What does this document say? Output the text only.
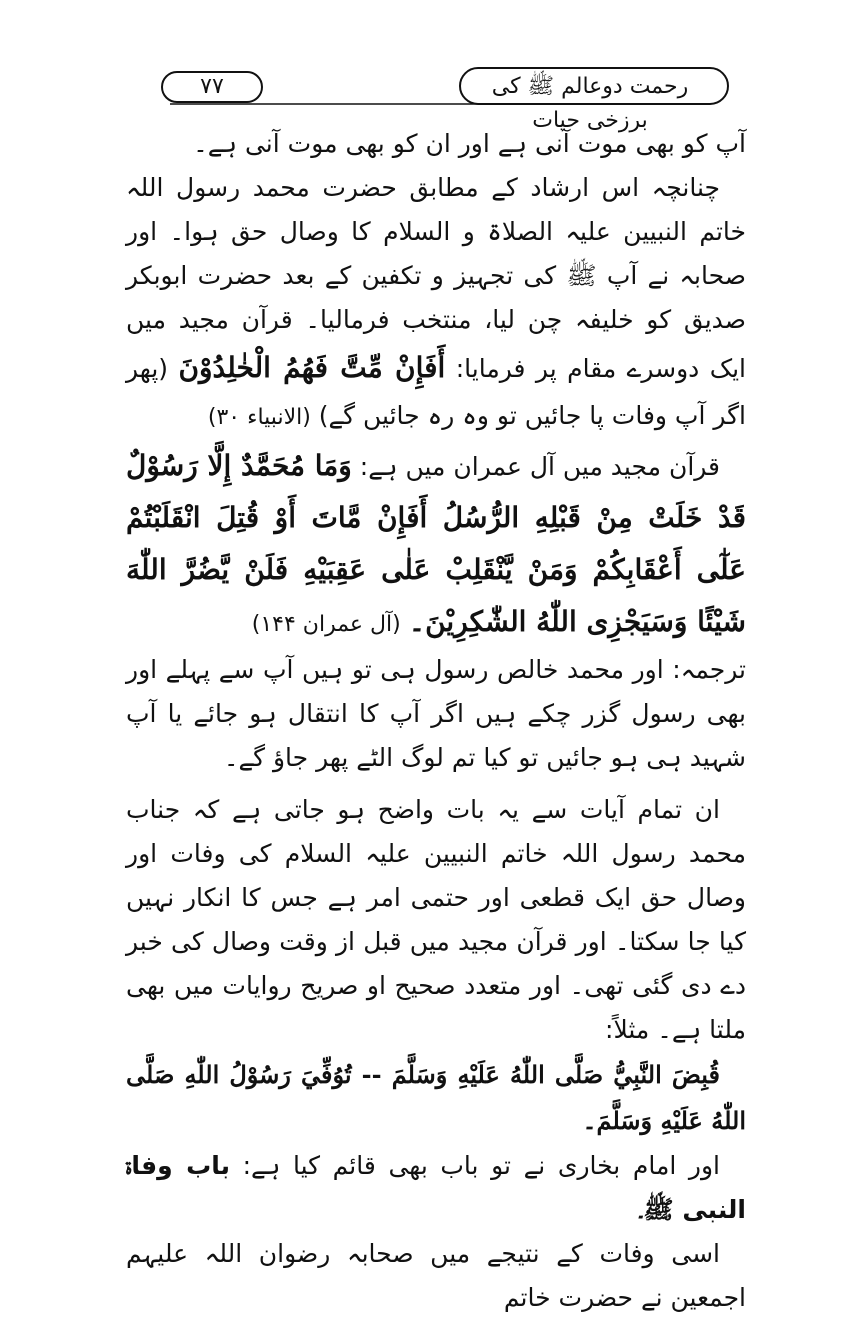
۷۷	رحمت دوعالم ﷺ کی برزخی حیات

آپ کو بھی موت آنی ہے اور ان کو بھی موت آنی ہے۔

چنانچہ اس ارشاد کے مطابق حضرت محمد رسول اللہ خاتم النبیین علیہ الصلاۃ و السلام کا وصال حق ہوا۔ اور صحابہ نے آپ ﷺ کی تجہیز و تکفین کے بعد حضرت ابوبکر صدیق کو خلیفہ چن لیا، منتخب فرمالیا۔ قرآن مجید میں ایک دوسرے مقام پر فرمایا: أَفَإِنْ مِّتَّ فَهُمُ الْخٰلِدُوْنَ (پھر اگر آپ وفات پا جائیں تو وہ رہ جائیں گے) (الانبیاء ۳۰)

قرآن مجید میں آل عمران میں ہے: وَمَا مُحَمَّدٌ إِلَّا رَسُوْلٌ قَدْ خَلَتْ مِنْ قَبْلِهِ الرُّسُلُ أَفَإِنْ مَّاتَ أَوْ قُتِلَ انْقَلَبْتُمْ عَلٰٓى أَعْقَابِكُمْ وَمَنْ يَّنْقَلِبْ عَلٰى عَقِبَيْهِ فَلَنْ يَّضُرَّ اللّٰهَ شَيْئًا وَسَيَجْزِى اللّٰهُ الشّٰكِرِيْنَ۔ (آل عمران ۱۴۴)

ترجمہ: اور محمد خالص رسول ہی تو ہیں آپ سے پہلے اور بھی رسول گزر چکے ہیں اگر آپ کا انتقال ہو جائے یا آپ شہید ہی ہو جائیں تو کیا تم لوگ الٹے پھر جاؤ گے۔

ان تمام آیات سے یہ بات واضح ہو جاتی ہے کہ جناب محمد رسول اللہ خاتم النبیین علیہ السلام کی وفات اور وصال حق ایک قطعی اور حتمی امر ہے جس کا انکار نہیں کیا جا سکتا۔ اور قرآن مجید میں قبل از وقت وصال کی خبر دے دی گئی تھی۔ اور متعدد صحیح او صریح روایات میں بھی ملتا ہے۔ مثلاً:

قُبِضَ النَّبِيُّ صَلَّى اللّٰهُ عَلَيْهِ وَسَلَّمَ -- تُوُفِّيَ رَسُوْلُ اللّٰهِ صَلَّى اللّٰهُ عَلَيْهِ وَسَلَّمَ۔

اور امام بخاری نے تو باب بھی قائم کیا ہے: باب وفاۃ النبی ﷺ۔

اسی وفات کے نتیجے میں صحابہ رضوان اللہ علیہم اجمعین نے حضرت خاتم
